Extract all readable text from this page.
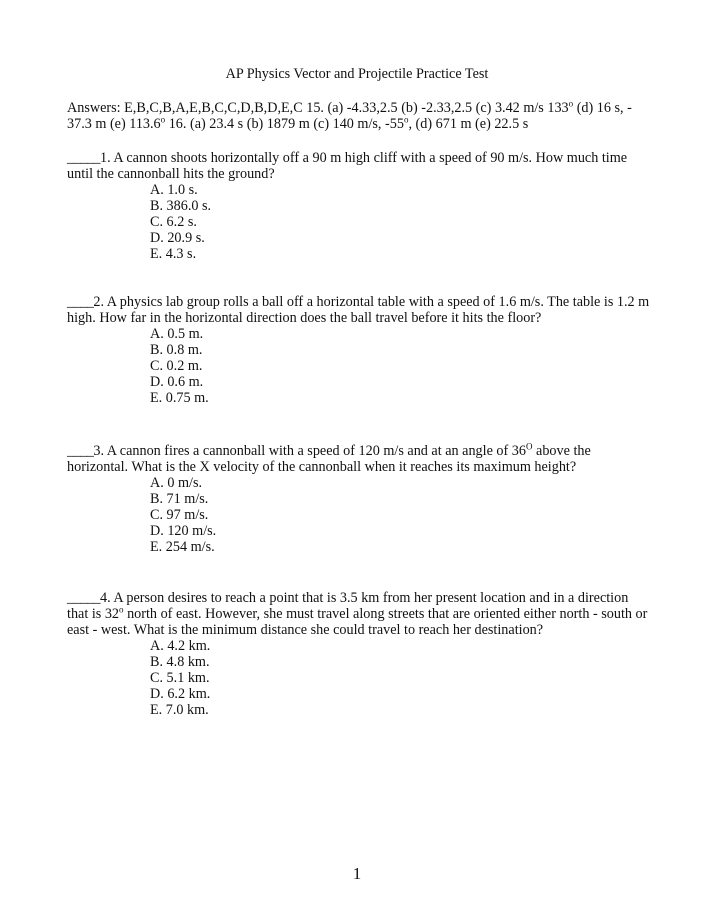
AP Physics Vector and Projectile Practice Test
Answers: E,B,C,B,A,E,B,C,C,D,B,D,E,C 15. (a) -4.33,2.5 (b) -2.33,2.5 (c) 3.42 m/s 133$^o$ (d) 16 s, -
37.3 m (e) 113.6$^o$ 16. (a) 23.4 s (b) 1879 m (c) 140 m/s, -55$^o$, (d) 671 m (e) 22.5 s
_____1. A cannon shoots horizontally off a 90 m high cliff with a speed of 90 m/s. How much time
until the cannonball hits the ground?
A. 1.0 s.
B. 386.0 s.
C. 6.2 s.
D. 20.9 s.
E. 4.3 s.
____2. A physics lab group rolls a ball off a horizontal table with a speed of 1.6 m/s. The table is 1.2 m
high. How far in the horizontal direction does the ball travel before it hits the floor?
A. 0.5 m.
B. 0.8 m.
C. 0.2 m.
D. 0.6 m.
E. 0.75 m.
____3. A cannon fires a cannonball with a speed of 120 m/s and at an angle of $36^O$ above the
horizontal. What is the X velocity of the cannonball when it reaches its maximum height?
A. 0 m/s.
B. 71 m/s.
C. 97 m/s.
D. 120 m/s.
E. 254 m/s.
_____4. A person desires to reach a point that is 3.5 km from her present location and in a direction
that is 32$^o$ north of east. However, she must travel along streets that are oriented either north - south or
east - west. What is the minimum distance she could travel to reach her destination?
A. 4.2 km.
B. 4.8 km.
C. 5.1 km.
D. 6.2 km.
E. 7.0 km.
1
